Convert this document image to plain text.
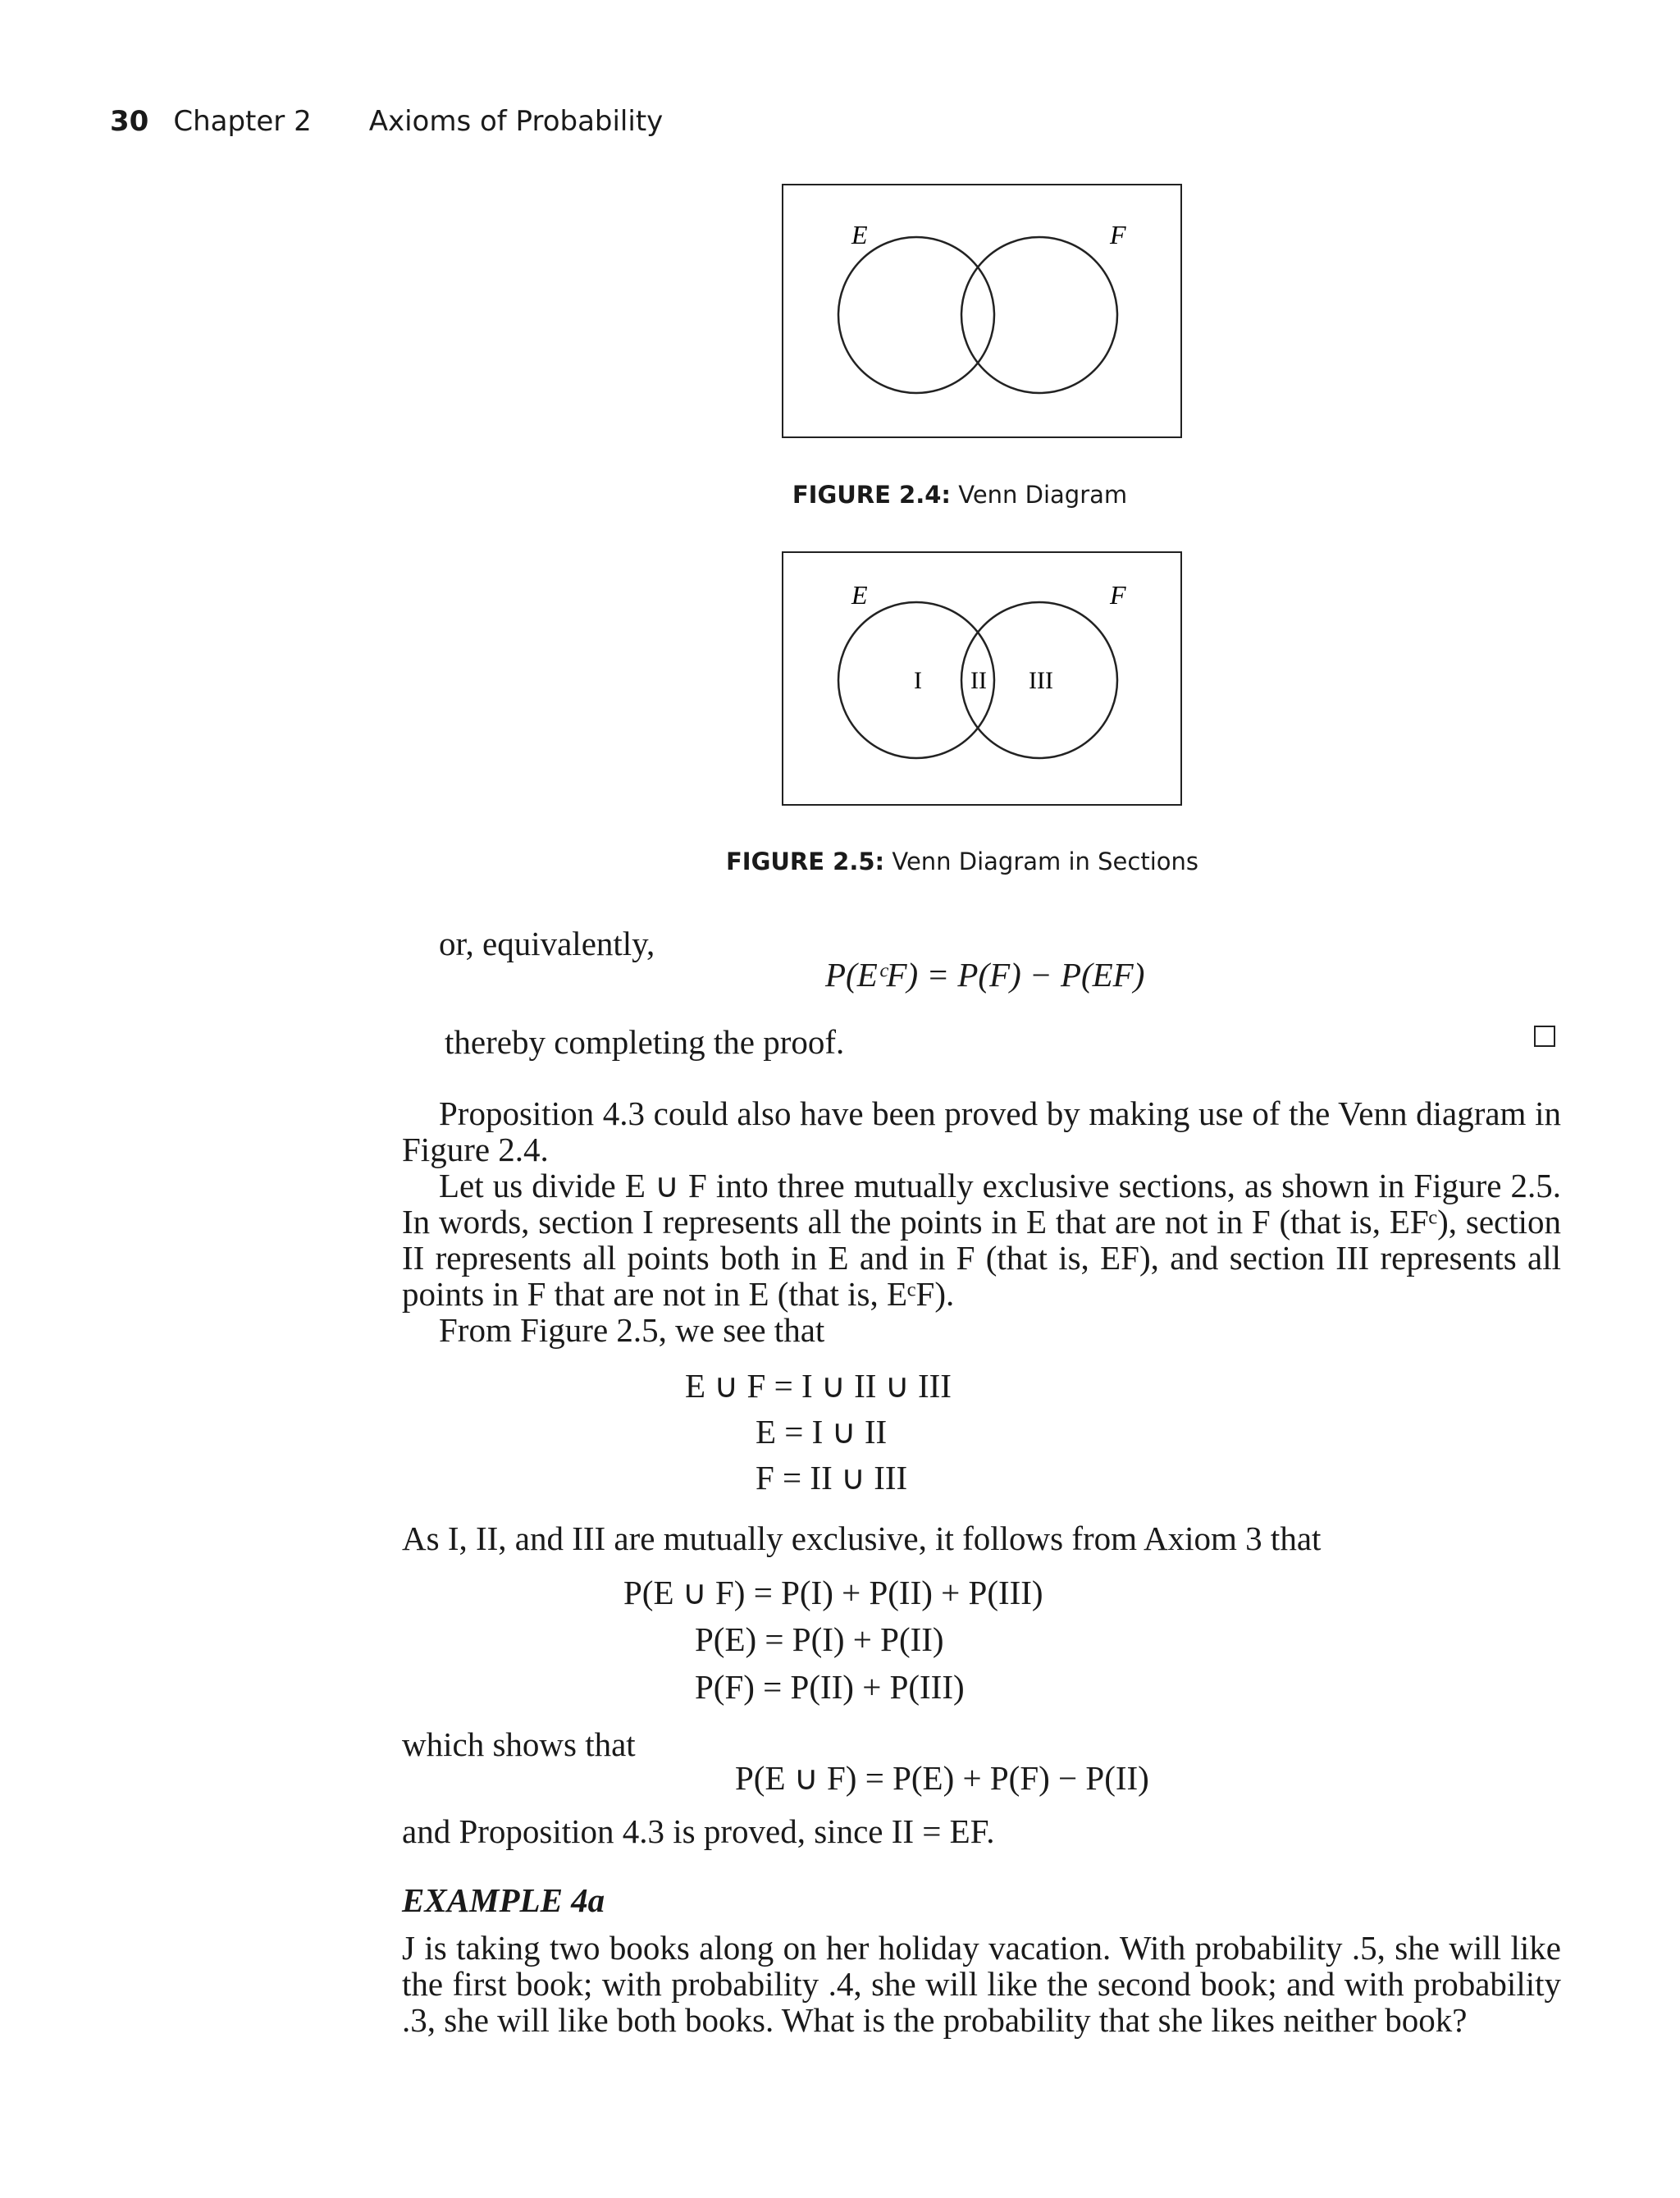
30 Chapter 2 Axioms of Probability
E	F
FIGURE 2.4: Venn Diagram
E	F
I II III
FIGURE 2.5: Venn Diagram in Sections
or, equivalently,
P(EᶜF) = P(F) − P(EF)
thereby completing the proof.
Proposition 4.3 could also have been proved by making use of the Venn diagram in Figure 2.4.
Let us divide E ∪ F into three mutually exclusive sections, as shown in Figure 2.5. In words, section I represents all the points in E that are not in F (that is, EFᶜ), section II represents all points both in E and in F (that is, EF), and section III represents all points in F that are not in E (that is, EᶜF).
From Figure 2.5, we see that
E ∪ F = I ∪ II ∪ III
E = I ∪ II
F = II ∪ III
As I, II, and III are mutually exclusive, it follows from Axiom 3 that
P(E ∪ F) = P(I) + P(II) + P(III)
P(E) = P(I) + P(II)
P(F) = P(II) + P(III)
which shows that
P(E ∪ F) = P(E) + P(F) − P(II)
and Proposition 4.3 is proved, since II = EF.
EXAMPLE 4a
J is taking two books along on her holiday vacation. With probability .5, she will like the first book; with probability .4, she will like the second book; and with probability .3, she will like both books. What is the probability that she likes neither book?
